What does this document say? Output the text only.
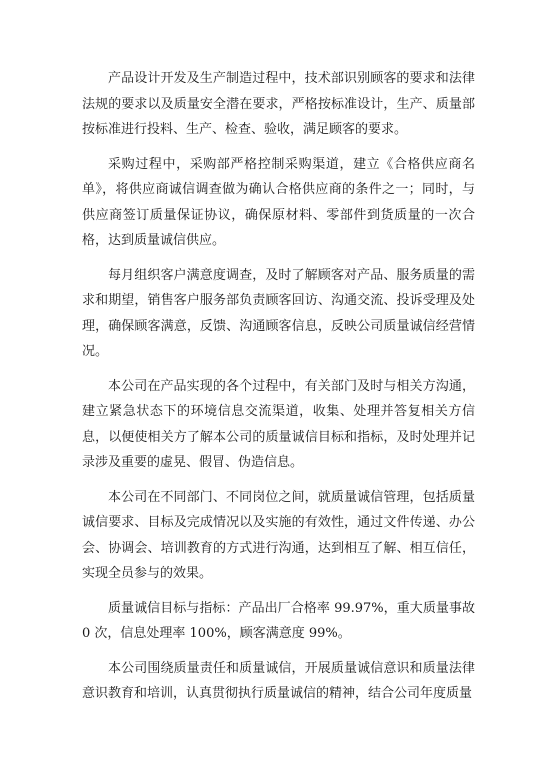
产品设计开发及生产制造过程中，技术部识别顾客的要求和法律法规的要求以及质量安全潜在要求，严格按标准设计，生产、质量部按标准进行投料、生产、检查、验收，满足顾客的要求。

采购过程中，采购部严格控制采购渠道，建立《合格供应商名单》，将供应商诚信调查做为确认合格供应商的条件之一；同时，与供应商签订质量保证协议，确保原材料、零部件到货质量的一次合格，达到质量诚信供应。

每月组织客户满意度调查，及时了解顾客对产品、服务质量的需求和期望，销售客户服务部负责顾客回访、沟通交流、投诉受理及处理，确保顾客满意，反馈、沟通顾客信息，反映公司质量诚信经营情况。

本公司在产品实现的各个过程中，有关部门及时与相关方沟通，建立紧急状态下的环境信息交流渠道，收集、处理并答复相关方信息，以便使相关方了解本公司的质量诚信目标和指标，及时处理并记录涉及重要的虚晃、假冒、伪造信息。

本公司在不同部门、不同岗位之间，就质量诚信管理，包括质量诚信要求、目标及完成情况以及实施的有效性，通过文件传递、办公会、协调会、培训教育的方式进行沟通，达到相互了解、相互信任，实现全员参与的效果。

质量诚信目标与指标：产品出厂合格率 99.97%，重大质量事故 0 次，信息处理率 100%，顾客满意度 99%。

本公司围绕质量责任和质量诚信，开展质量诚信意识和质量法律意识教育和培训，认真贯彻执行质量诚信的精神，结合公司年度质量
